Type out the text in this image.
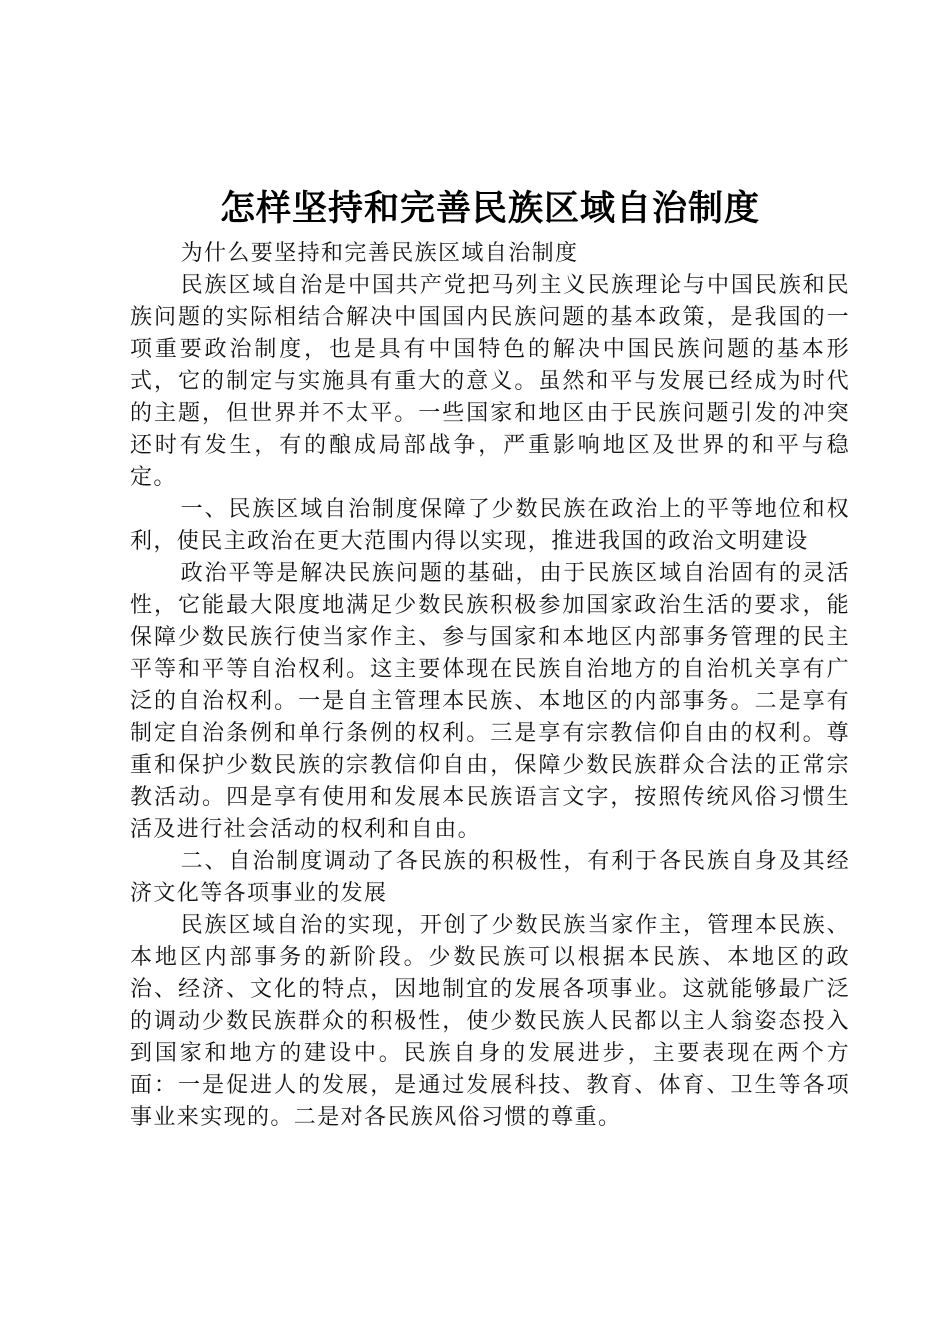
怎样坚持和完善民族区域自治制度

为什么要坚持和完善民族区域自治制度

民族区域自治是中国共产党把马列主义民族理论与中国民族和民族问题的实际相结合解决中国国内民族问题的基本政策，是我国的一项重要政治制度，也是具有中国特色的解决中国民族问题的基本形式，它的制定与实施具有重大的意义。虽然和平与发展已经成为时代的主题，但世界并不太平。一些国家和地区由于民族问题引发的冲突还时有发生，有的酿成局部战争，严重影响地区及世界的和平与稳定。

一、民族区域自治制度保障了少数民族在政治上的平等地位和权利，使民主政治在更大范围内得以实现，推进我国的政治文明建设

政治平等是解决民族问题的基础，由于民族区域自治固有的灵活性，它能最大限度地满足少数民族积极参加国家政治生活的要求，能保障少数民族行使当家作主、参与国家和本地区内部事务管理的民主平等和平等自治权利。这主要体现在民族自治地方的自治机关享有广泛的自治权利。一是自主管理本民族、本地区的内部事务。二是享有制定自治条例和单行条例的权利。三是享有宗教信仰自由的权利。尊重和保护少数民族的宗教信仰自由，保障少数民族群众合法的正常宗教活动。四是享有使用和发展本民族语言文字，按照传统风俗习惯生活及进行社会活动的权利和自由。

二、自治制度调动了各民族的积极性，有利于各民族自身及其经济文化等各项事业的发展

民族区域自治的实现，开创了少数民族当家作主，管理本民族、本地区内部事务的新阶段。少数民族可以根据本民族、本地区的政治、经济、文化的特点，因地制宜的发展各项事业。这就能够最广泛的调动少数民族群众的积极性，使少数民族人民都以主人翁姿态投入到国家和地方的建设中。民族自身的发展进步，主要表现在两个方面：一是促进人的发展，是通过发展科技、教育、体育、卫生等各项事业来实现的。二是对各民族风俗习惯的尊重。
